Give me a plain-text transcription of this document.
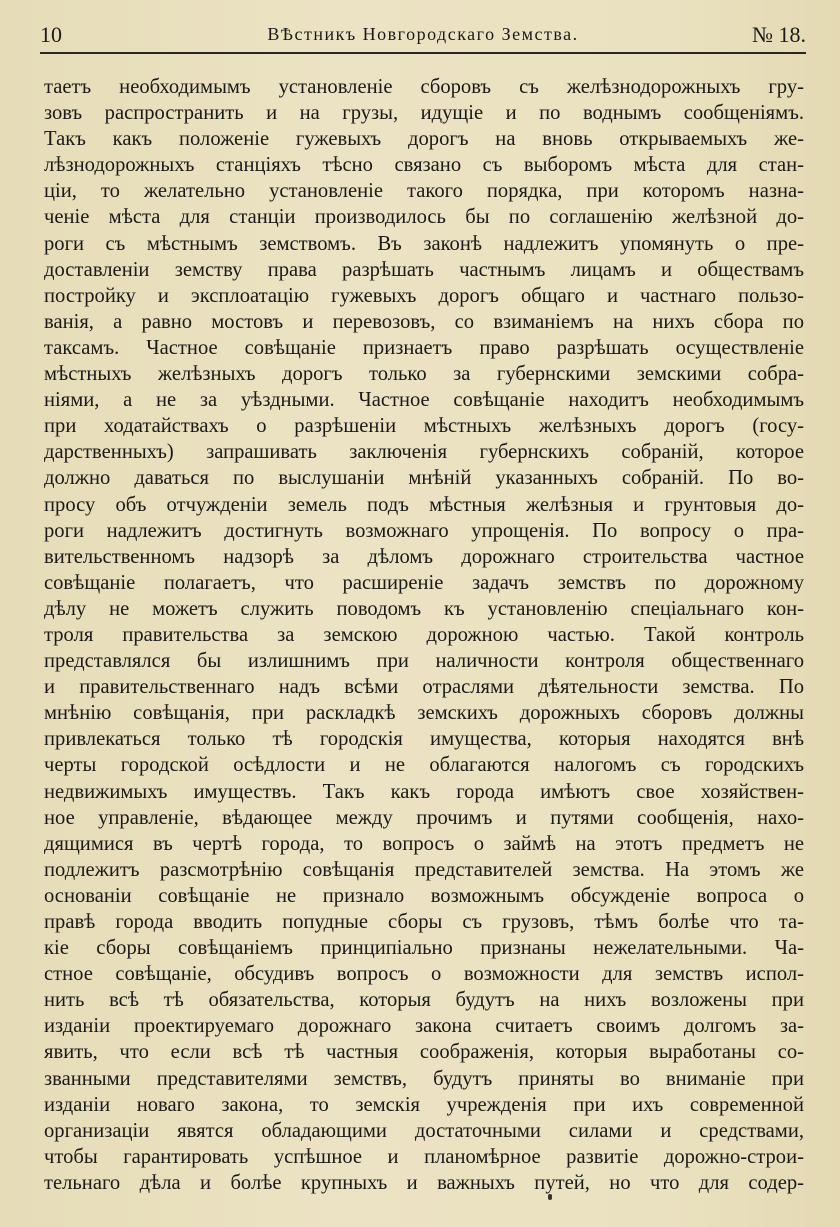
10	ВѢстникъ Новгородскаго Земства.	№ 18.
таетъ необходимымъ установленіе сборовъ съ желѣзнодорожныхъ гру-
зовъ распространить и на грузы, идущіе и по воднымъ сообщеніямъ.
Такъ какъ положеніе гужевыхъ дорогъ на вновь открываемыхъ же-
лѣзнодорожныхъ станціяхъ тѣсно связано съ выборомъ мѣста для стан-
ціи, то желательно установленіе такого порядка, при которомъ назна-
ченіе мѣста для станціи производилось бы по соглашенію желѣзной до-
роги съ мѣстнымъ земствомъ. Въ законѣ надлежитъ упомянуть о пре-
доставленіи земству права разрѣшать частнымъ лицамъ и обществамъ
постройку и эксплоатацію гужевыхъ дорогъ общаго и частнаго пользо-
ванія, а равно мостовъ и перевозовъ, со взиманіемъ на нихъ сбора по
таксамъ. Частное совѣщаніе признаетъ право разрѣшать осуществленіе
мѣстныхъ желѣзныхъ дорогъ только за губернскими земскими собра-
ніями, а не за уѣздными. Частное совѣщаніе находитъ необходимымъ
при ходатайствахъ о разрѣшеніи мѣстныхъ желѣзныхъ дорогъ (госу-
дарственныхъ) запрашивать заключенія губернскихъ собраній, которое
должно даваться по выслушаніи мнѣній указанныхъ собраній. По во-
просу объ отчужденіи земель подъ мѣстныя желѣзныя и грунтовыя до-
роги надлежитъ достигнуть возможнаго упрощенія. По вопросу о пра-
вительственномъ надзорѣ за дѣломъ дорожнаго строительства частное
совѣщаніе полагаетъ, что расширеніе задачъ земствъ по дорожному
дѣлу не можетъ служить поводомъ къ установленію спеціальнаго кон-
троля правительства за земскою дорожною частью. Такой контроль
представлялся бы излишнимъ при наличности контроля общественнаго
и правительственнаго надъ всѣми отраслями дѣятельности земства. По
мнѣнію совѣщанія, при раскладкѣ земскихъ дорожныхъ сборовъ должны
привлекаться только тѣ городскія имущества, которыя находятся внѣ
черты городской осѣдлости и не облагаются налогомъ съ городскихъ
недвижимыхъ имуществъ. Такъ какъ города имѣютъ свое хозяйствен-
ное управленіе, вѣдающее между прочимъ и путями сообщенія, нахо-
дящимися въ чертѣ города, то вопросъ о займѣ на этотъ предметъ не
подлежитъ разсмотрѣнію совѣщанія представителей земства. На этомъ же
основаніи совѣщаніе не признало возможнымъ обсужденіе вопроса о
правѣ города вводить попудные сборы съ грузовъ, тѣмъ болѣе что та-
кіе сборы совѣщаніемъ принципіально признаны нежелательными. Ча-
стное совѣщаніе, обсудивъ вопросъ о возможности для земствъ испол-
нить всѣ тѣ обязательства, которыя будутъ на нихъ возложены при
изданіи проектируемаго дорожнаго закона считаетъ своимъ долгомъ за-
явить, что если всѣ тѣ частныя соображенія, которыя выработаны со-
званными представителями земствъ, будутъ приняты во вниманіе при
изданіи новаго закона, то земскія учрежденія при ихъ современной
организаціи явятся обладающими достаточными силами и средствами,
чтобы гарантировать успѣшное и планомѣрное развитіе дорожно-строи-
тельнаго дѣла и болѣе крупныхъ и важныхъ путей, но что для содер-
